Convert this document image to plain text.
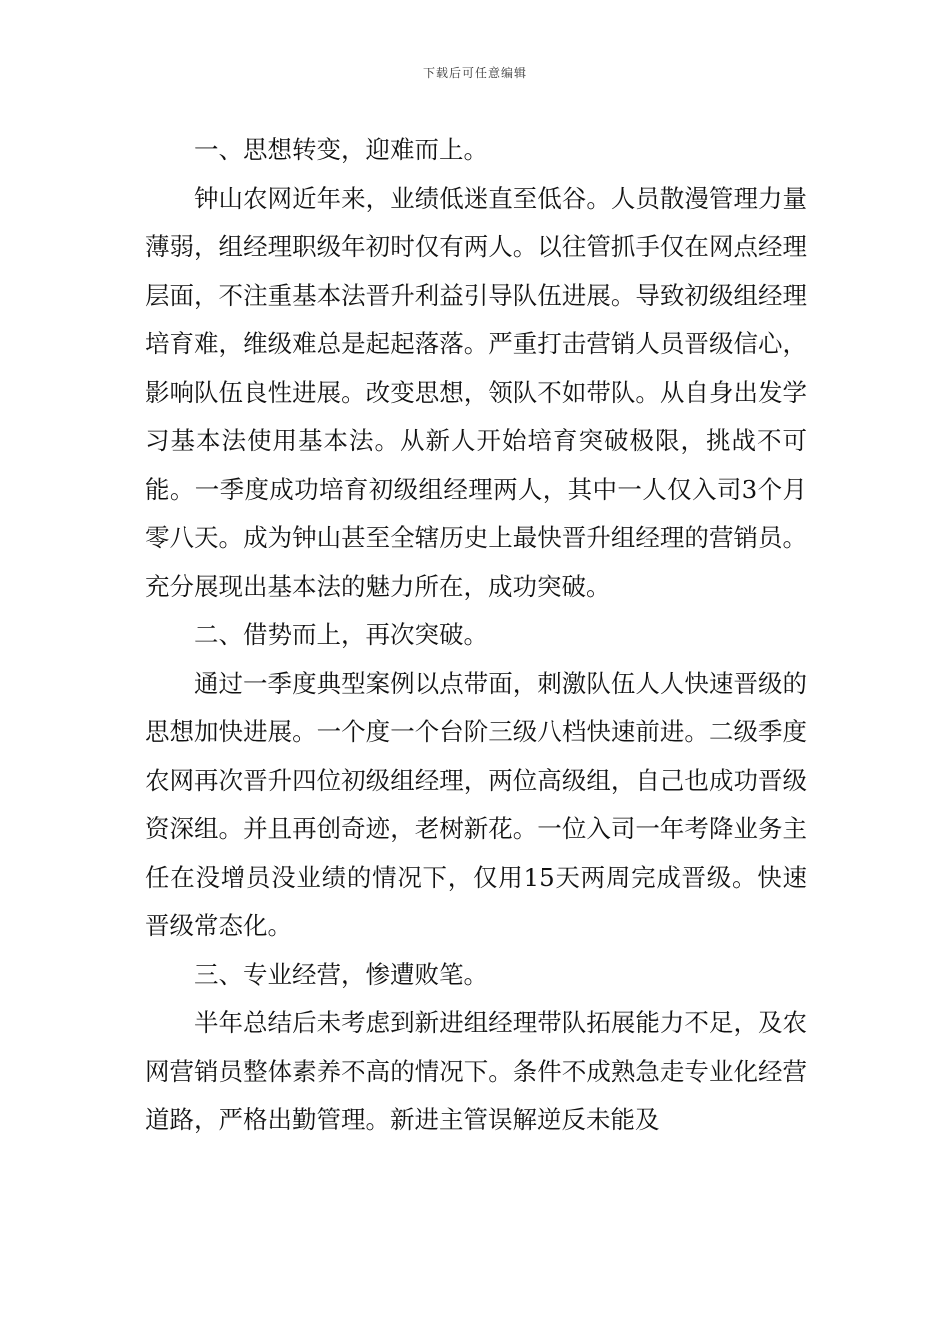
下载后可任意编辑

一、思想转变，迎难而上。

钟山农网近年来，业绩低迷直至低谷。人员散漫管理力量薄弱，组经理职级年初时仅有两人。以往管抓手仅在网点经理层面，不注重基本法晋升利益引导队伍进展。导致初级组经理培育难，维级难总是起起落落。严重打击营销人员晋级信心，影响队伍良性进展。改变思想，领队不如带队。从自身出发学习基本法使用基本法。从新人开始培育突破极限，挑战不可能。一季度成功培育初级组经理两人，其中一人仅入司3个月零八天。成为钟山甚至全辖历史上最快晋升组经理的营销员。充分展现出基本法的魅力所在，成功突破。

二、借势而上，再次突破。

通过一季度典型案例以点带面，刺激队伍人人快速晋级的思想加快进展。一个度一个台阶三级八档快速前进。二级季度农网再次晋升四位初级组经理，两位高级组，自己也成功晋级资深组。并且再创奇迹，老树新花。一位入司一年考降业务主任在没增员没业绩的情况下，仅用15天两周完成晋级。快速晋级常态化。

三、专业经营，惨遭败笔。

半年总结后未考虑到新进组经理带队拓展能力不足，及农网营销员整体素养不高的情况下。条件不成熟急走专业化经营道路，严格出勤管理。新进主管误解逆反未能及
